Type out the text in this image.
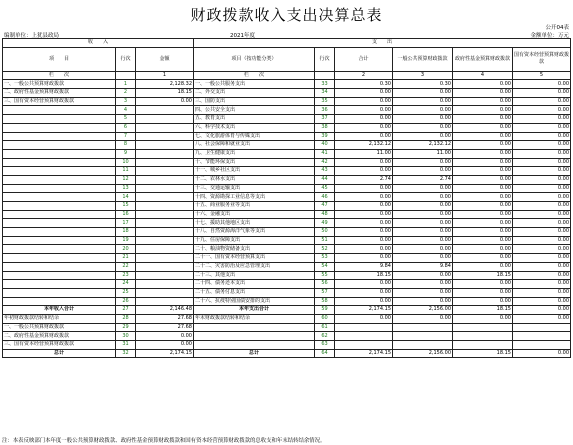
财政拨款收入支出决算总表
公开04表
编制单位：上犹县政局	2021年度	金额单位：万元
收　　入			支　　出					
项　　目	行次	金额	项目（按功能分类）	行次	合计	一般公共预算财政拨款	政府性基金预算财政拨款	国有资本经营预算财政拨款
栏　　次		1	栏　　次		2	3	4	5
一、一般公共预算财政拨款	1	2,128.32	一、一般公共服务支出	33	0.30	0.30	0.00	0.00
二、政府性基金预算财政拨款	2	18.15	二、外交支出	34	0.00	0.00	0.00	0.00
三、国有资本经营预算财政拨款	3	0.00	三、国防支出	35	0.00	0.00	0.00	0.00
	4		四、公共安全支出	36	0.00	0.00	0.00	0.00
	5		五、教育支出	37	0.00	0.00	0.00	0.00
	6		六、科学技术支出	38	0.00	0.00	0.00	0.00
	7		七、文化旅游体育与传媒支出	39	0.00	0.00	0.00	0.00
	8		八、社会保障和就业支出	40	2,132.12	2,132.12	0.00	0.00
	9		九、卫生健康支出	41	11.00	11.00	0.00	0.00
	10		十、节能环保支出	42	0.00	0.00	0.00	0.00
	11		十一、城乡社区支出	43	0.00	0.00	0.00	0.00
	12		十二、农林水支出	44	2.74	2.74	0.00	0.00
	13		十三、交通运输支出	45	0.00	0.00	0.00	0.00
	14		十四、资源勘探工业信息等支出	46	0.00	0.00	0.00	0.00
	15		十五、商业服务业等支出	47	0.00	0.00	0.00	0.00
	16		十六、金融支出	48	0.00	0.00	0.00	0.00
	17		十七、援助其他地区支出	49	0.00	0.00	0.00	0.00
	18		十八、自然资源海洋气象等支出	50	0.00	0.00	0.00	0.00
	19		十九、住房保障支出	51	0.00	0.00	0.00	0.00
	20		二十、粮油物资储备支出	52	0.00	0.00	0.00	0.00
	21		二十一、国有资本经营预算支出	53	0.00	0.00	0.00	0.00
	22		二十二、灾害防治及应急管理支出	54	9.84	9.84	0.00	0.00
	23		二十三、其他支出	55	18.15	0.00	18.15	0.00
	24		二十四、债务还本支出	56	0.00	0.00	0.00	0.00
	25		二十五、债务付息支出	57	0.00	0.00	0.00	0.00
	26		二十六、抗疫特别国债安排的支出	58	0.00	0.00	0.00	0.00
本年收入合计	27	2,146.48	本年支出合计	59	2,174.15	2,156.00	18.15	0.00
年初财政拨款结转和结余	28	27.68	年末财政拨款结转和结余	60	0.00	0.00	0.00	0.00
一、一般公共预算财政拨款	29	27.68		61				
二、政府性基金预算财政拨款	30	0.00		62				
三、国有资本经营预算财政拨款	31	0.00		63				
总计	32	2,174.15	总计	64	2,174.15	2,156.00	18.15	0.00
注：本表反映部门本年度一般公共预算财政拨款、政府性基金预算财政拨款和国有资本经营预算财政拨款的总收支和年末结转结余情况。
